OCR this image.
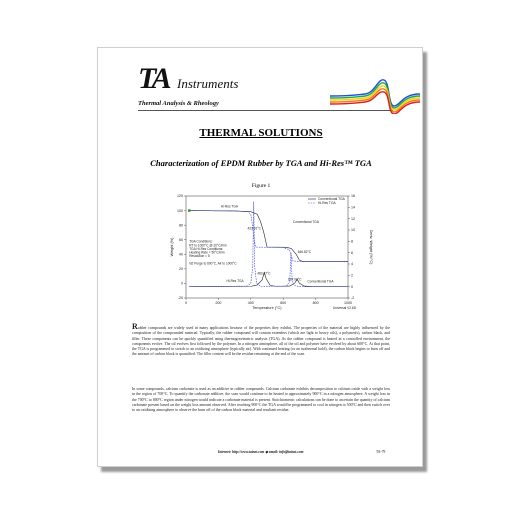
TA Instruments
Thermal Analysis & Rheology
THERMAL SOLUTIONS
Characterization of EPDM Rubber by TGA and Hi-Res™ TGA
Figure 1
0	200	400	600	800	1000
-20
0
20
40
60
80
100
120
-2
0
2
4
6
8
10
12
14
16
Temperature (°C)
Weight (%)	Deriv. Weight (%/°C)
Universal V2.6D
Conventional TGA
Hi-Res TGA
Hi-Res TGA
423.91°C
Conventional TGA
TGA Conditions:
RT to 1000°C @ 20°C/min
TGA Hi-Res Conditions:
Heating Rate = 50°C/min
Resolution = 5
N2 Purge to 600°C, Air to 1000°C
646.82°C
483.67°C
Hi-Res TGA	687.08°C
Conventional TGA
Rubber compounds are widely used in many applications because of the properties they exhibit. The properties of the material are highly influenced by the composition of the compounded material. Typically, the rubber compound will contain extenders (which are light to heavy oils), a polymer(s), carbon black, and filler. These components can be quickly quantified using thermogravimetric analysis (TGA). As the rubber compound is heated in a controlled environment, the components evolve. The oil evolves first followed by the polymer. In a nitrogen atmosphere, all of the oil and polymer have evolved by about 600°C. At that point, the TGA is programmed to switch to an oxidizing atmosphere (typically air). With continued heating (or an isothermal hold), the carbon black begins to burn off and the amount of carbon black is quantified. The filler content will be the residue remaining at the end of the scan.
In some compounds, calcium carbonate is used as an additive in rubber compounds. Calcium carbonate exhibits decomposition to calcium oxide with a weight loss in the region of 700°C. To quantify the carbonate additive, the scan would continue to be heated to approximately 900°C in a nitrogen atmosphere. A weight loss in the 700°C to 800°C region under nitrogen would indicate a carbonate material is present. Stoichiometric calculations can be done to ascertain the quantity of calcium carbonate present based on the weight loss amount observed. After reaching 900°C the TGA would be programmed to cool in nitrogen to 500°C and then switch over to an oxidizing atmosphere to observe the burn off of the carbon black material and resultant residue.
Internet: http://www.tainst.com ◆ email: info@tainst.com	TA-79
